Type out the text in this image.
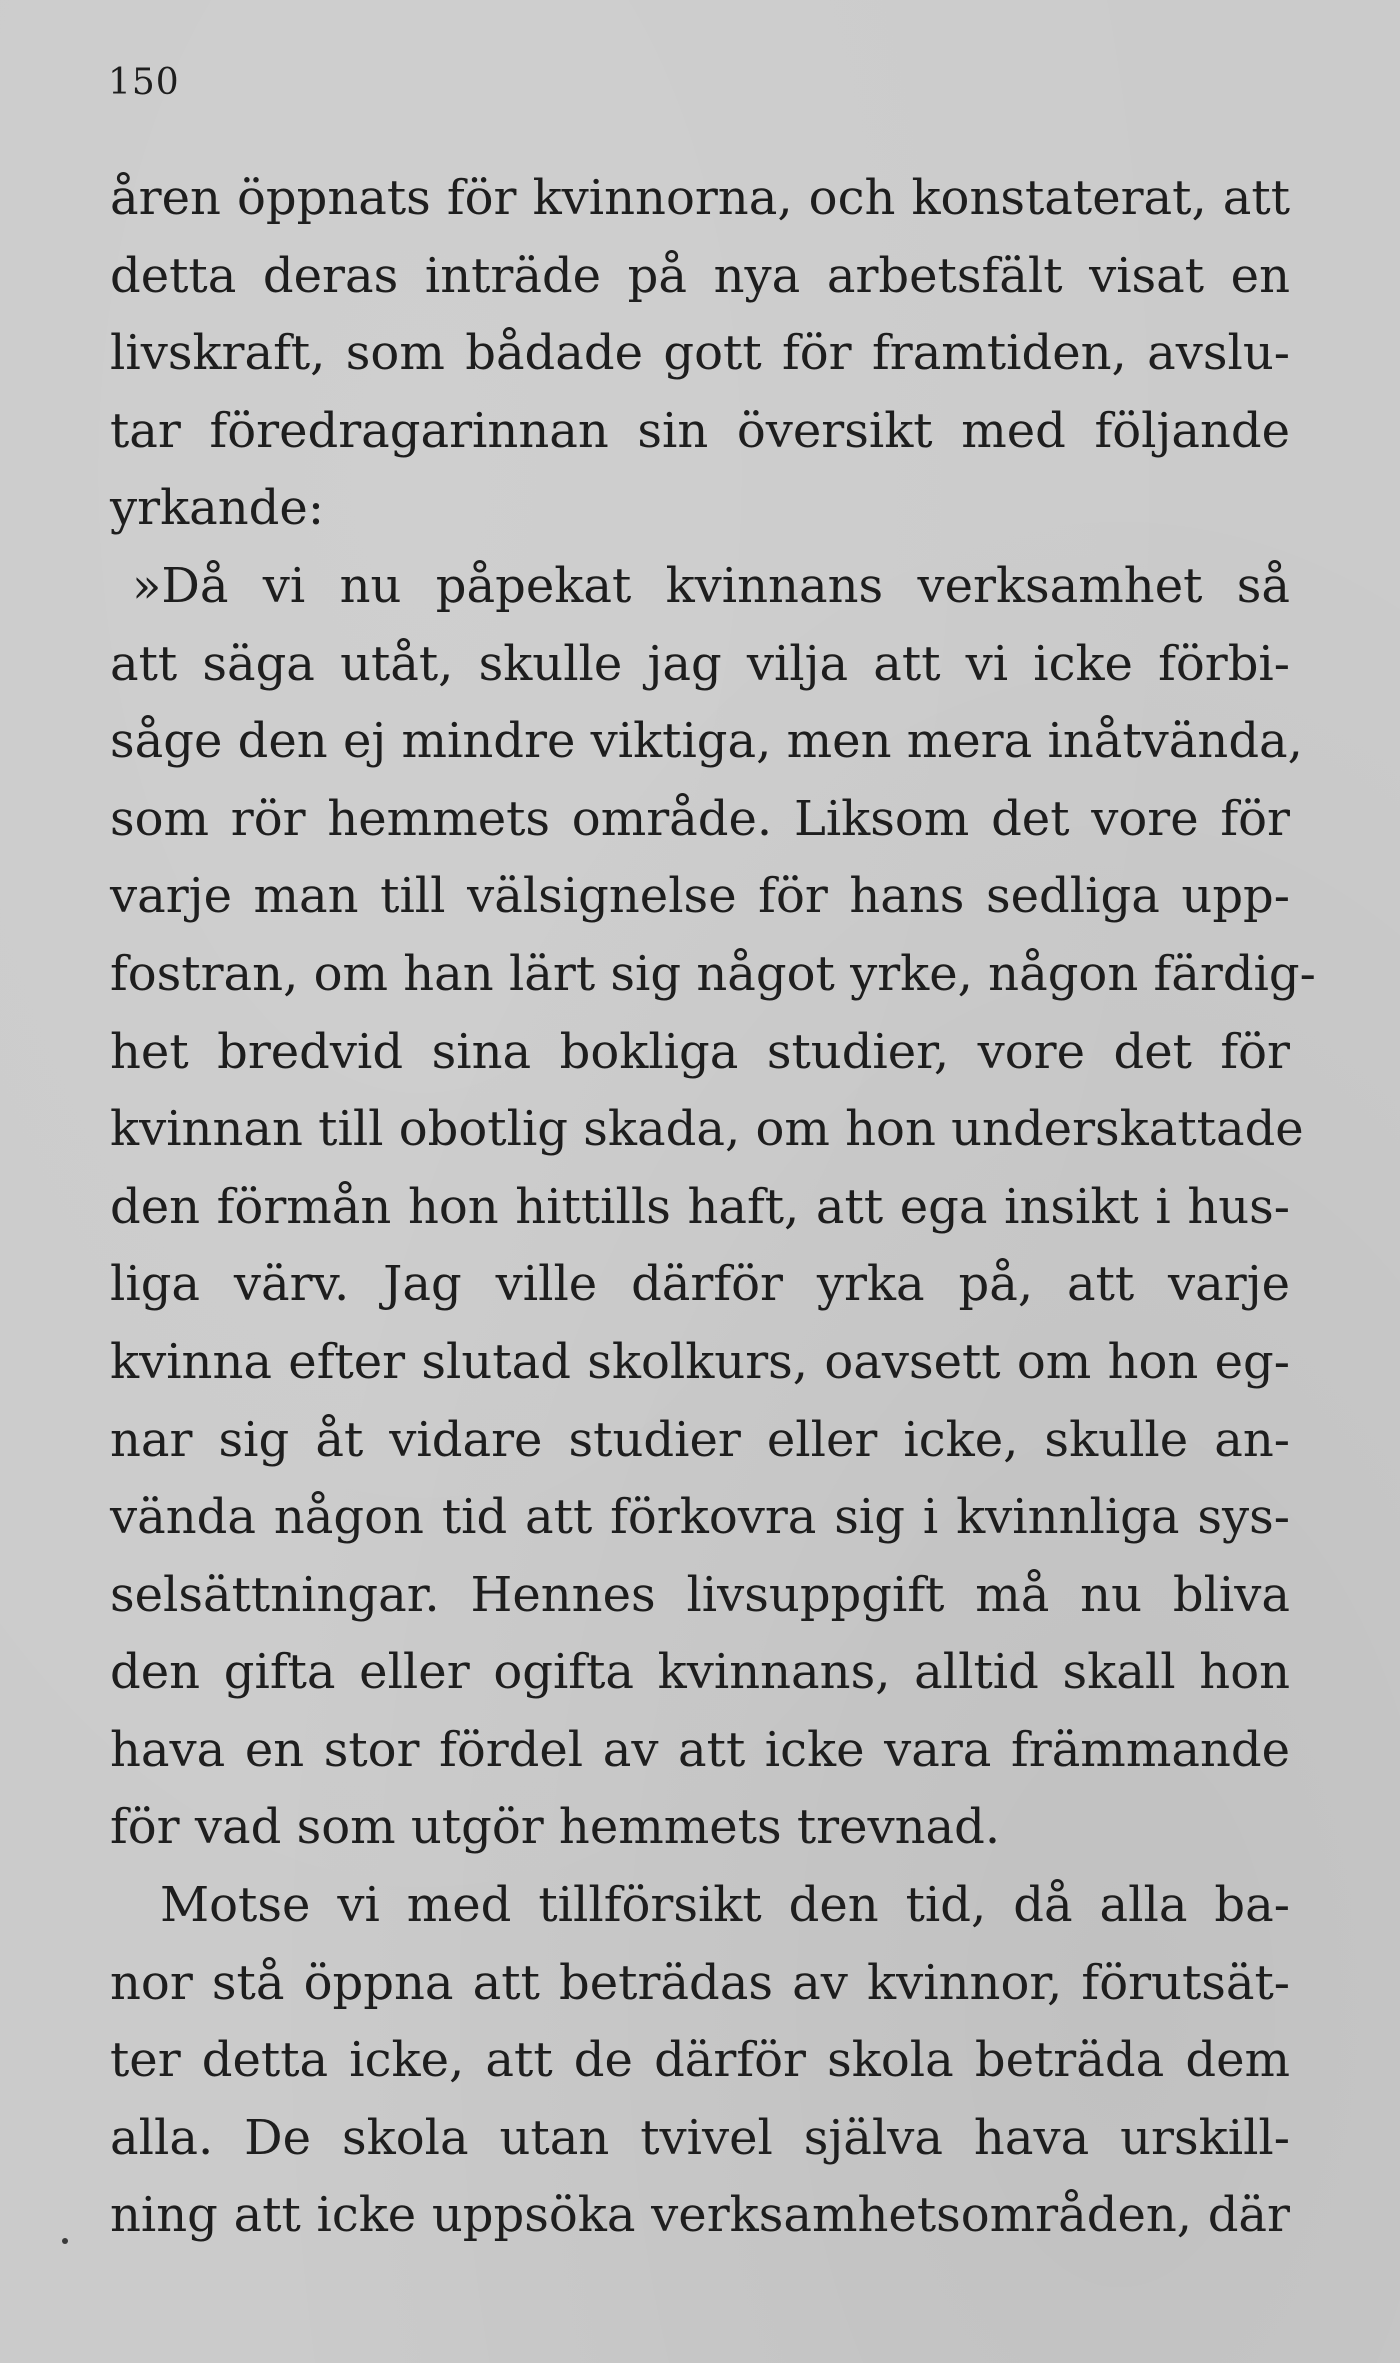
150
åren öppnats för kvinnorna, och konstaterat, att
detta deras inträde på nya arbetsfält visat en
livskraft, som bådade gott för framtiden, avslu-
tar föredragarinnan sin översikt med följande
yrkande:
»Då vi nu påpekat kvinnans verksamhet så
att säga utåt, skulle jag vilja att vi icke förbi-
såge den ej mindre viktiga, men mera inåtvända,
som rör hemmets område. Liksom det vore för
varje man till välsignelse för hans sedliga upp-
fostran, om han lärt sig något yrke, någon färdig-
het bredvid sina bokliga studier, vore det för
kvinnan till obotlig skada, om hon underskattade
den förmån hon hittills haft, att ega insikt i hus-
liga värv. Jag ville därför yrka på, att varje
kvinna efter slutad skolkurs, oavsett om hon eg-
nar sig åt vidare studier eller icke, skulle an-
vända någon tid att förkovra sig i kvinnliga sys-
selsättningar. Hennes livsuppgift må nu bliva
den gifta eller ogifta kvinnans, alltid skall hon
hava en stor fördel av att icke vara främmande
för vad som utgör hemmets trevnad.
Motse vi med tillförsikt den tid, då alla ba-
nor stå öppna att beträdas av kvinnor, förutsät-
ter detta icke, att de därför skola beträda dem
alla. De skola utan tvivel själva hava urskill-
ning att icke uppsöka verksamhetsområden, där
